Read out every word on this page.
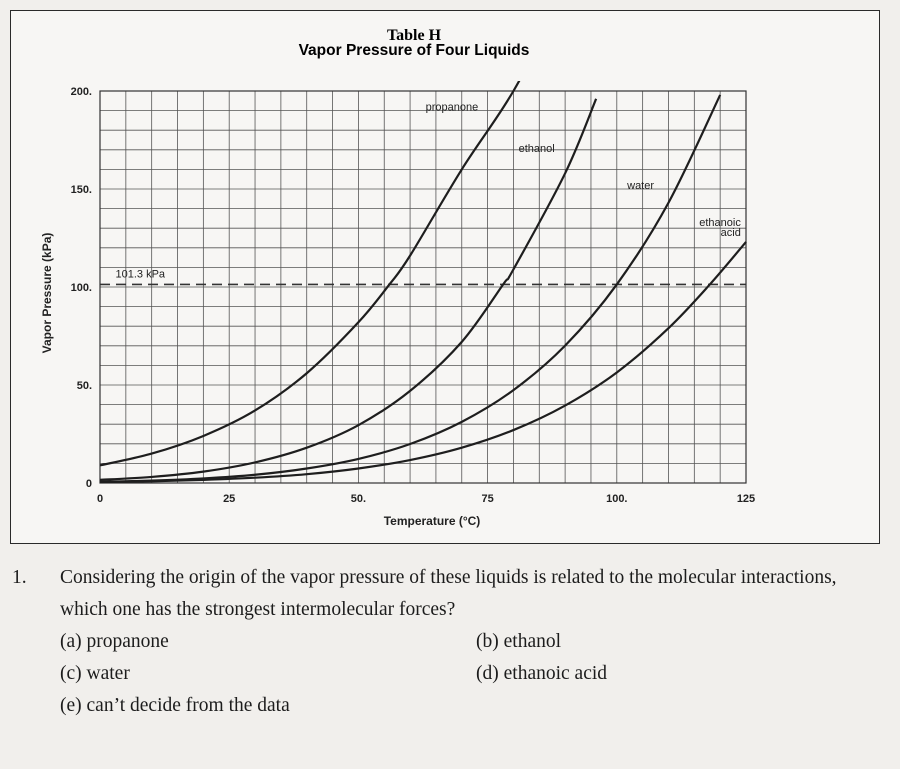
Table H
Vapor Pressure of Four Liquids
101.3 kPa
0	25	50.	75	100.	125
0
50.
100.
150.
200.
propanone
ethanol
water
ethanoic
acid
Temperature (°C)
Vapor Pressure (kPa)
1. Considering the origin of the vapor pressure of these liquids is related to the molecular interactions, which one has the strongest intermolecular forces?
(a) propanone	(b) ethanol
(c) water	(d) ethanoic acid
(e) can’t decide from the data
